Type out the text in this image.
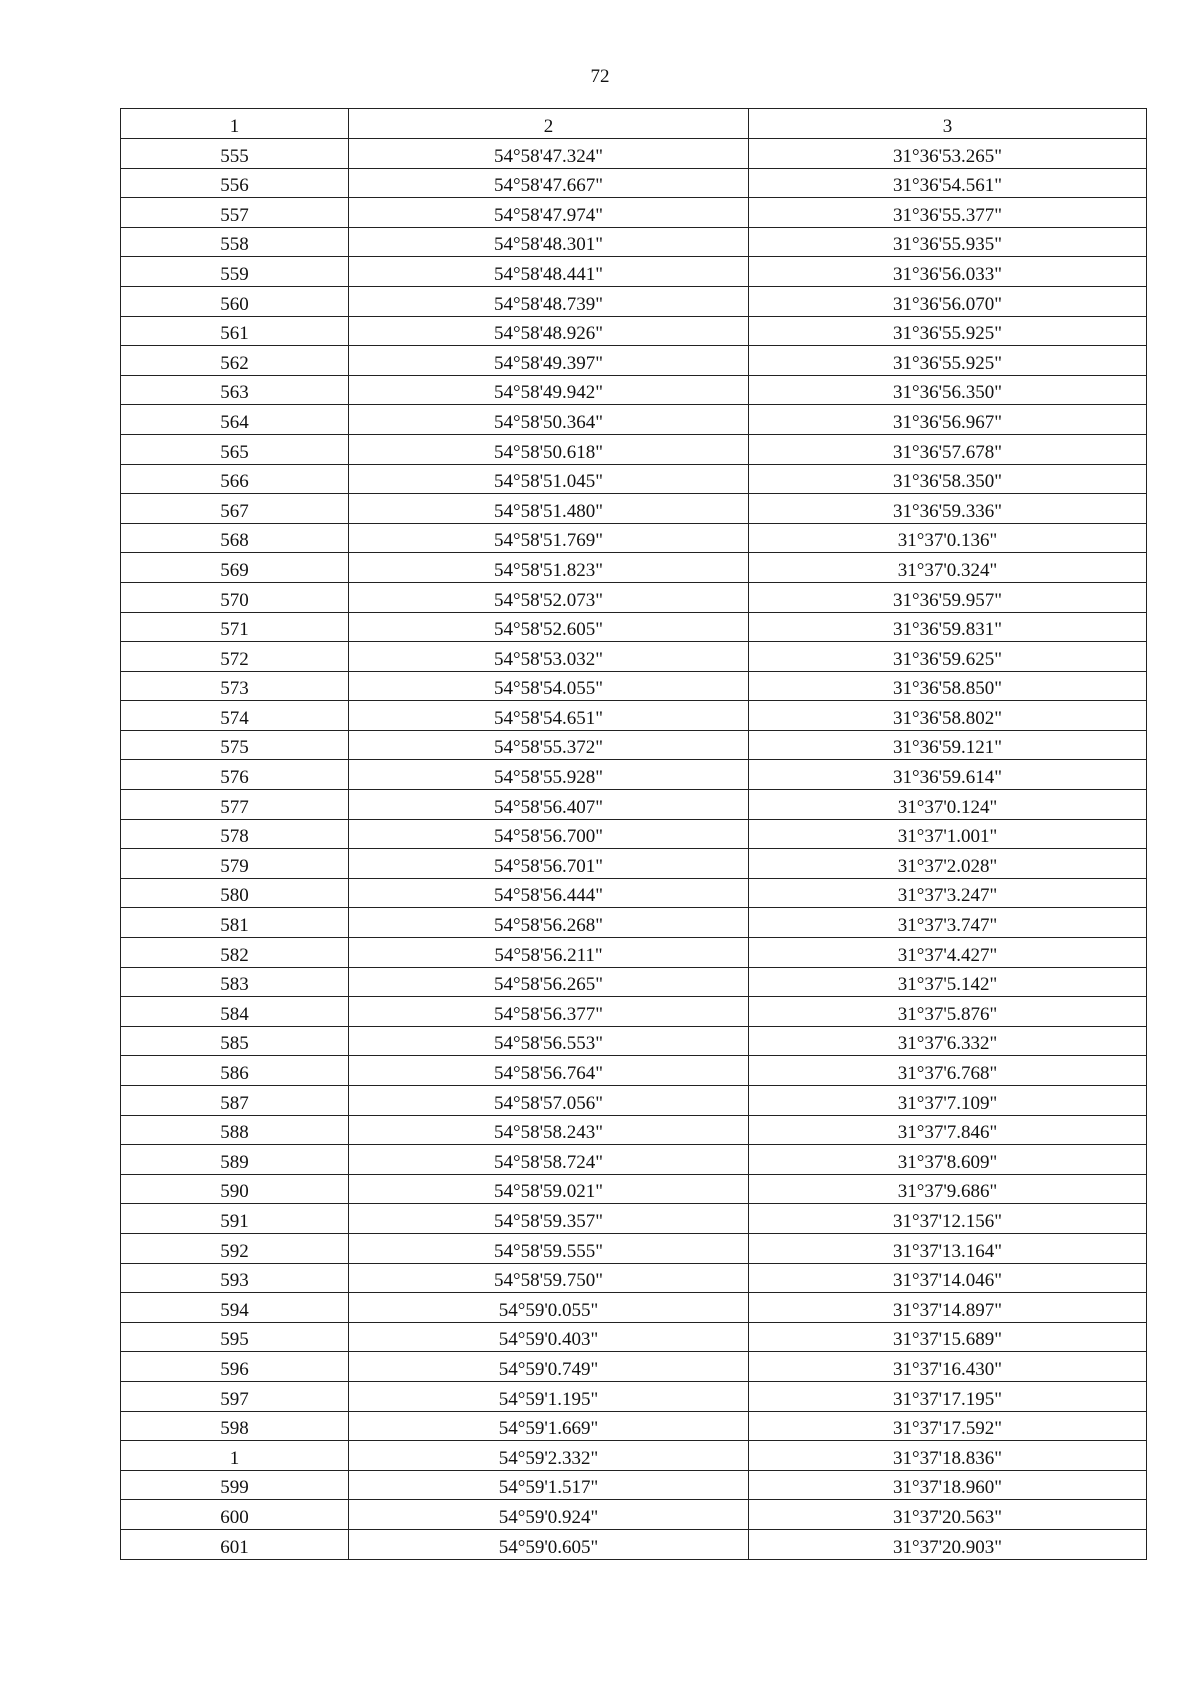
72
1	2	3
555	54°58'47.324"	31°36'53.265"
556	54°58'47.667"	31°36'54.561"
557	54°58'47.974"	31°36'55.377"
558	54°58'48.301"	31°36'55.935"
559	54°58'48.441"	31°36'56.033"
560	54°58'48.739"	31°36'56.070"
561	54°58'48.926"	31°36'55.925"
562	54°58'49.397"	31°36'55.925"
563	54°58'49.942"	31°36'56.350"
564	54°58'50.364"	31°36'56.967"
565	54°58'50.618"	31°36'57.678"
566	54°58'51.045"	31°36'58.350"
567	54°58'51.480"	31°36'59.336"
568	54°58'51.769"	31°37'0.136"
569	54°58'51.823"	31°37'0.324"
570	54°58'52.073"	31°36'59.957"
571	54°58'52.605"	31°36'59.831"
572	54°58'53.032"	31°36'59.625"
573	54°58'54.055"	31°36'58.850"
574	54°58'54.651"	31°36'58.802"
575	54°58'55.372"	31°36'59.121"
576	54°58'55.928"	31°36'59.614"
577	54°58'56.407"	31°37'0.124"
578	54°58'56.700"	31°37'1.001"
579	54°58'56.701"	31°37'2.028"
580	54°58'56.444"	31°37'3.247"
581	54°58'56.268"	31°37'3.747"
582	54°58'56.211"	31°37'4.427"
583	54°58'56.265"	31°37'5.142"
584	54°58'56.377"	31°37'5.876"
585	54°58'56.553"	31°37'6.332"
586	54°58'56.764"	31°37'6.768"
587	54°58'57.056"	31°37'7.109"
588	54°58'58.243"	31°37'7.846"
589	54°58'58.724"	31°37'8.609"
590	54°58'59.021"	31°37'9.686"
591	54°58'59.357"	31°37'12.156"
592	54°58'59.555"	31°37'13.164"
593	54°58'59.750"	31°37'14.046"
594	54°59'0.055"	31°37'14.897"
595	54°59'0.403"	31°37'15.689"
596	54°59'0.749"	31°37'16.430"
597	54°59'1.195"	31°37'17.195"
598	54°59'1.669"	31°37'17.592"
1	54°59'2.332"	31°37'18.836"
599	54°59'1.517"	31°37'18.960"
600	54°59'0.924"	31°37'20.563"
601	54°59'0.605"	31°37'20.903"
